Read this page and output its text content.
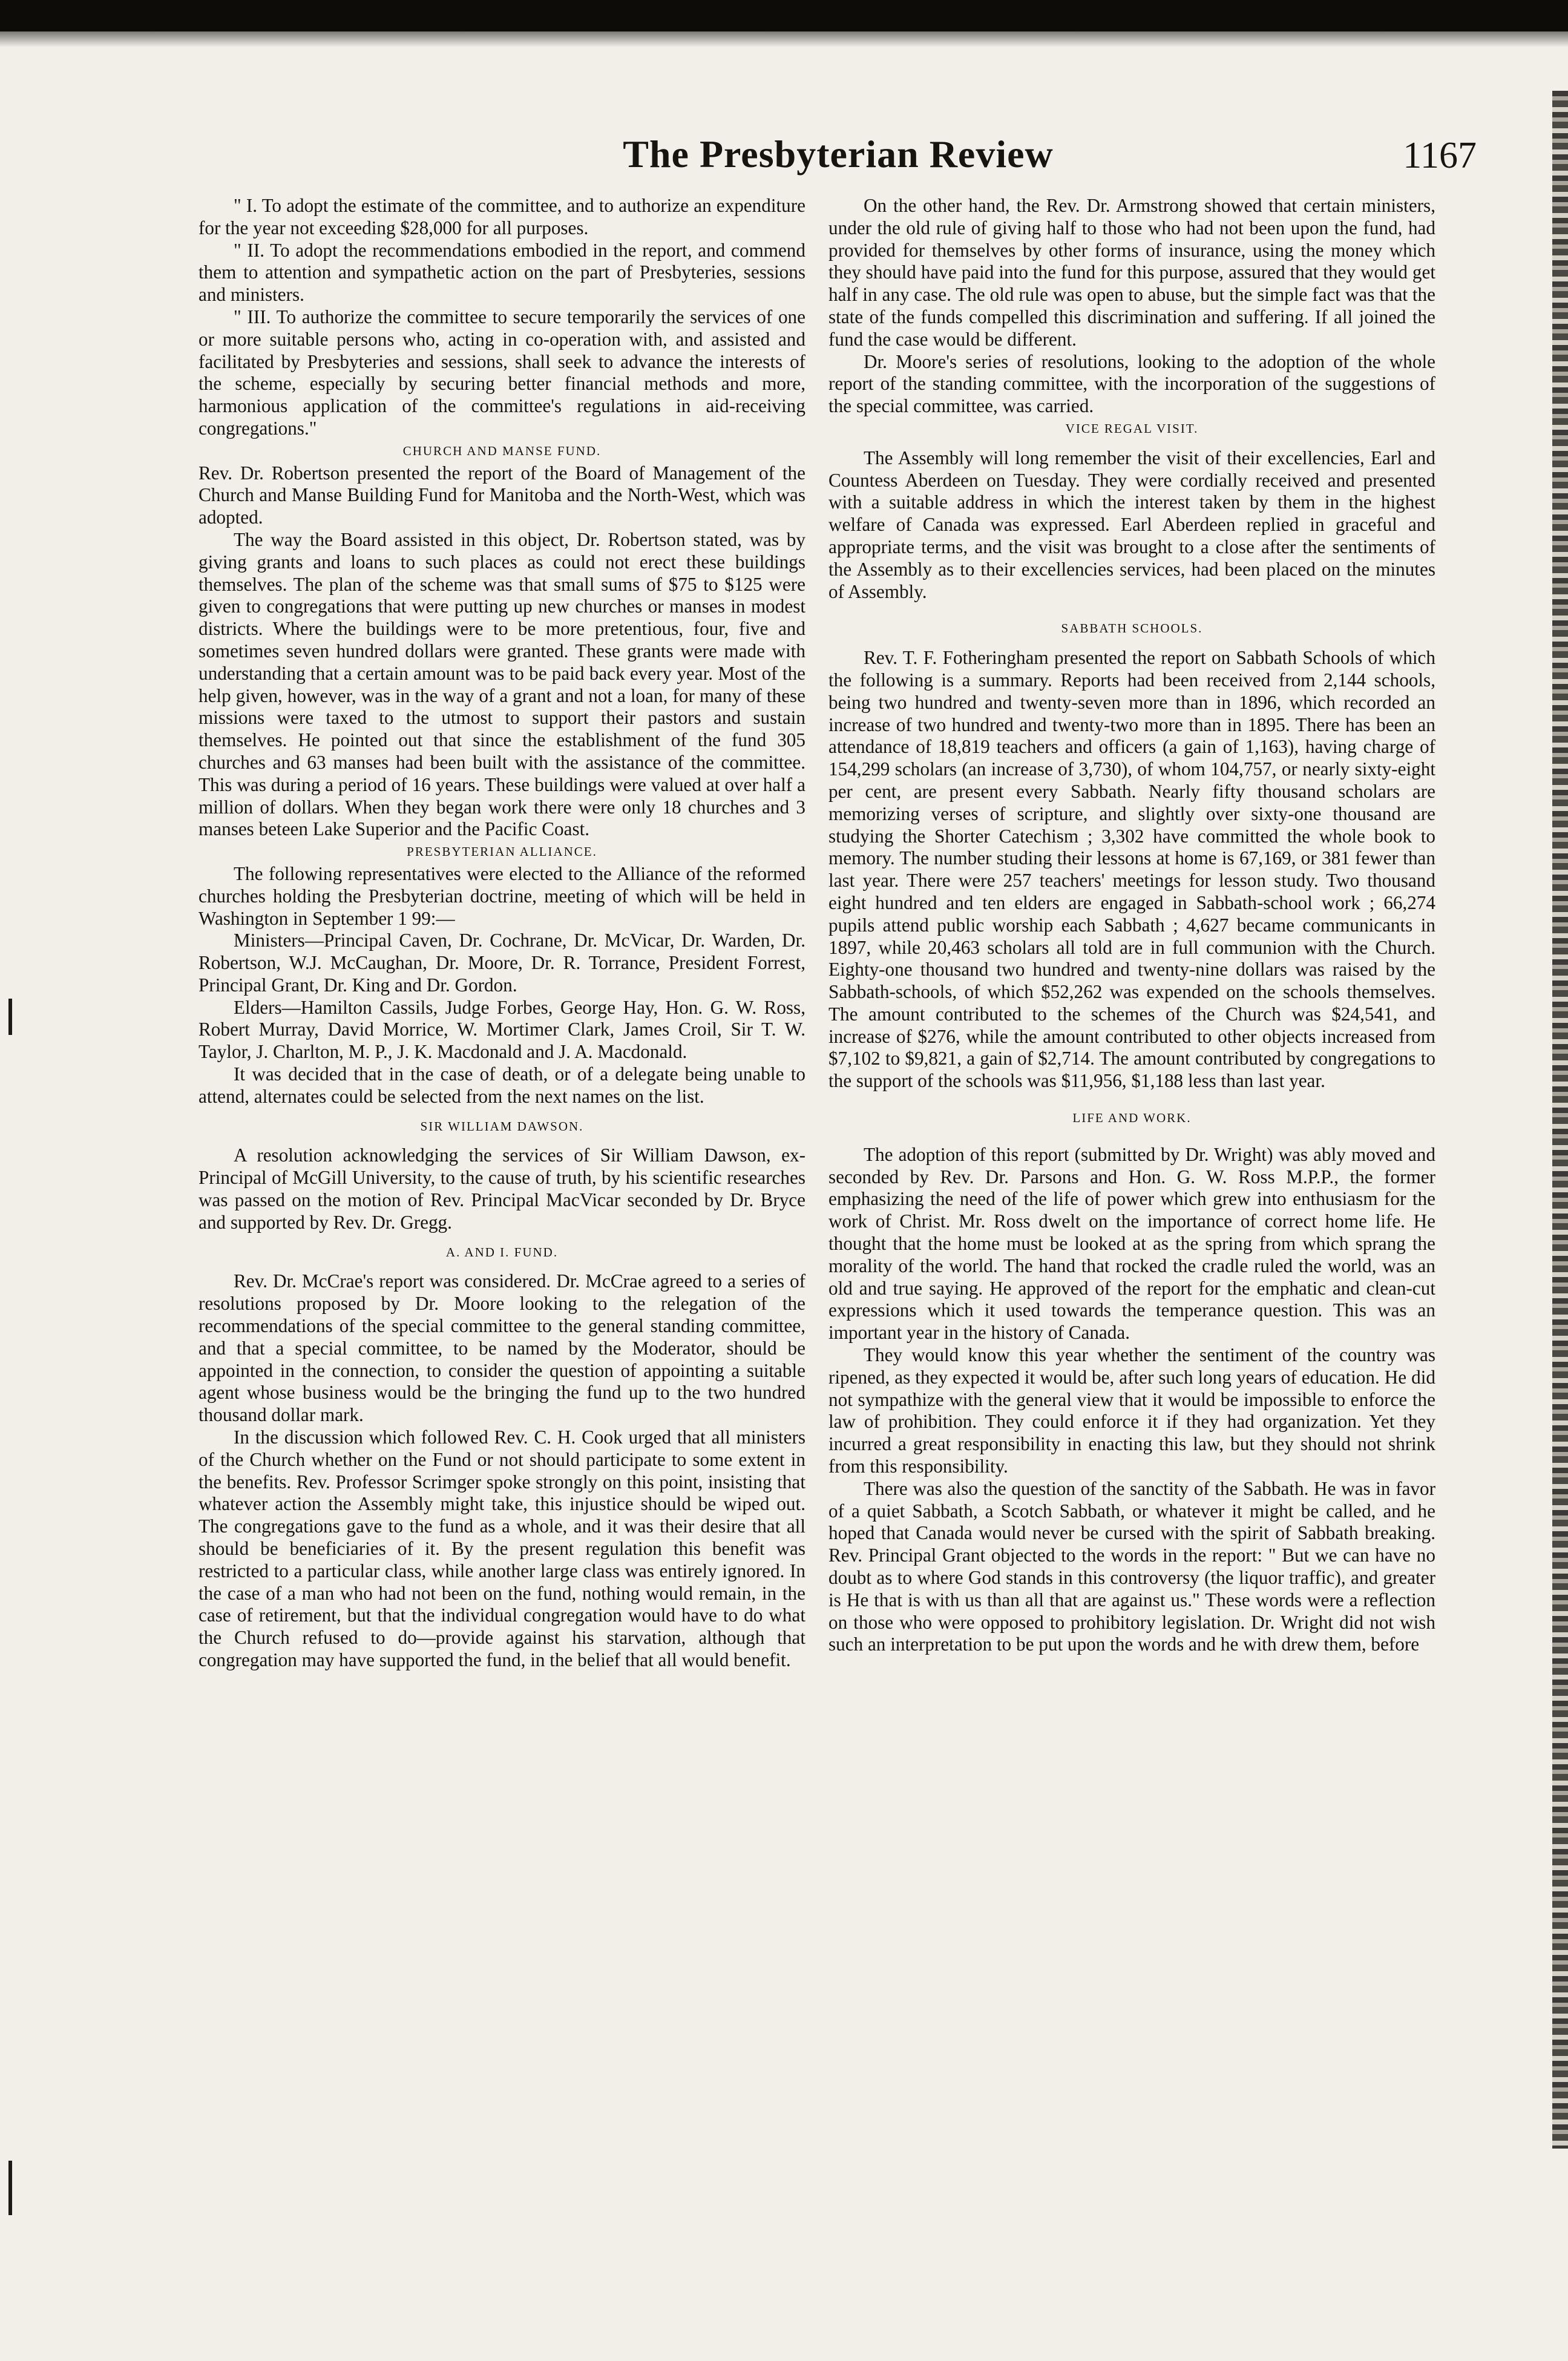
The Presbyterian Review	1167

" I. To adopt the estimate of the committee, and to authorize an expenditure for the year not exceeding $28,000 for all purposes.

" II. To adopt the recommendations embodied in the report, and commend them to attention and sympathetic action on the part of Presbyteries, sessions and ministers.

" III. To authorize the committee to secure temporarily the services of one or more suitable persons who, acting in co-operation with, and assisted and facilitated by Presbyteries and sessions, shall seek to advance the interests of the scheme, especially by securing better financial methods and more, harmonious application of the committee's regulations in aid-receiving congregations."

CHURCH AND MANSE FUND.

Rev. Dr. Robertson presented the report of the Board of Management of the Church and Manse Building Fund for Manitoba and the North-West, which was adopted.

The way the Board assisted in this object, Dr. Robertson stated, was by giving grants and loans to such places as could not erect these buildings themselves. The plan of the scheme was that small sums of $75 to $125 were given to congregations that were putting up new churches or manses in modest districts. Where the buildings were to be more pretentious, four, five and sometimes seven hundred dollars were granted. These grants were made with understanding that a certain amount was to be paid back every year. Most of the help given, however, was in the way of a grant and not a loan, for many of these missions were taxed to the utmost to support their pastors and sustain themselves. He pointed out that since the establishment of the fund 305 churches and 63 manses had been built with the assistance of the committee. This was during a period of 16 years. These buildings were valued at over half a million of dollars. When they began work there were only 18 churches and 3 manses beteen Lake Superior and the Pacific Coast.

PRESBYTERIAN ALLIANCE.

The following representatives were elected to the Alliance of the reformed churches holding the Presbyterian doctrine, meeting of which will be held in Washington in September 1 99:—

Ministers—Principal Caven, Dr. Cochrane, Dr. McVicar, Dr. Warden, Dr. Robertson, W.J. McCaughan, Dr. Moore, Dr. R. Torrance, President Forrest, Principal Grant, Dr. King and Dr. Gordon.

Elders—Hamilton Cassils, Judge Forbes, George Hay, Hon. G. W. Ross, Robert Murray, David Morrice, W. Mortimer Clark, James Croil, Sir T. W. Taylor, J. Charlton, M. P., J. K. Macdonald and J. A. Macdonald.

It was decided that in the case of death, or of a delegate being unable to attend, alternates could be selected from the next names on the list.

SIR WILLIAM DAWSON.

A resolution acknowledging the services of Sir William Dawson, ex-Principal of McGill University, to the cause of truth, by his scientific researches was passed on the motion of Rev. Principal MacVicar seconded by Dr. Bryce and supported by Rev. Dr. Gregg.

A. AND I. FUND.

Rev. Dr. McCrae's report was considered. Dr. McCrae agreed to a series of resolutions proposed by Dr. Moore looking to the relegation of the recommendations of the special committee to the general standing committee, and that a special committee, to be named by the Moderator, should be appointed in the connection, to consider the question of appointing a suitable agent whose business would be the bringing the fund up to the two hundred thousand dollar mark.

In the discussion which followed Rev. C. H. Cook urged that all ministers of the Church whether on the Fund or not should participate to some extent in the benefits. Rev. Professor Scrimger spoke strongly on this point, insisting that whatever action the Assembly might take, this injustice should be wiped out. The congregations gave to the fund as a whole, and it was their desire that all should be beneficiaries of it. By the present regulation this benefit was restricted to a particular class, while another large class was entirely ignored. In the case of a man who had not been on the fund, nothing would remain, in the case of retirement, but that the individual congregation would have to do what the Church refused to do—provide against his starvation, although that congregation may have supported the fund, in the belief that all would benefit.

On the other hand, the Rev. Dr. Armstrong showed that certain ministers, under the old rule of giving half to those who had not been upon the fund, had provided for themselves by other forms of insurance, using the money which they should have paid into the fund for this purpose, assured that they would get half in any case. The old rule was open to abuse, but the simple fact was that the state of the funds compelled this discrimination and suffering. If all joined the fund the case would be different.

Dr. Moore's series of resolutions, looking to the adoption of the whole report of the standing committee, with the incorporation of the suggestions of the special committee, was carried.

VICE REGAL VISIT.

The Assembly will long remember the visit of their excellencies, Earl and Countess Aberdeen on Tuesday. They were cordially received and presented with a suitable address in which the interest taken by them in the highest welfare of Canada was expressed. Earl Aberdeen replied in graceful and appropriate terms, and the visit was brought to a close after the sentiments of the Assembly as to their excellencies services, had been placed on the minutes of Assembly.

SABBATH SCHOOLS.

Rev. T. F. Fotheringham presented the report on Sabbath Schools of which the following is a summary. Reports had been received from 2,144 schools, being two hundred and twenty-seven more than in 1896, which recorded an increase of two hundred and twenty-two more than in 1895. There has been an attendance of 18,819 teachers and officers (a gain of 1,163), having charge of 154,299 scholars (an increase of 3,730), of whom 104,757, or nearly sixty-eight per cent, are present every Sabbath. Nearly fifty thousand scholars are memorizing verses of scripture, and slightly over sixty-one thousand are studying the Shorter Catechism ; 3,302 have committed the whole book to memory. The number studing their lessons at home is 67,169, or 381 fewer than last year. There were 257 teachers' meetings for lesson study. Two thousand eight hundred and ten elders are engaged in Sabbath-school work ; 66,274 pupils attend public worship each Sabbath ; 4,627 became communicants in 1897, while 20,463 scholars all told are in full communion with the Church. Eighty-one thousand two hundred and twenty-nine dollars was raised by the Sabbath-schools, of which $52,262 was expended on the schools themselves. The amount contributed to the schemes of the Church was $24,541, and increase of $276, while the amount contributed to other objects increased from $7,102 to $9,821, a gain of $2,714. The amount contributed by congregations to the support of the schools was $11,956, $1,188 less than last year.

LIFE AND WORK.

The adoption of this report (submitted by Dr. Wright) was ably moved and seconded by Rev. Dr. Parsons and Hon. G. W. Ross M.P.P., the former emphasizing the need of the life of power which grew into enthusiasm for the work of Christ. Mr. Ross dwelt on the importance of correct home life. He thought that the home must be looked at as the spring from which sprang the morality of the world. The hand that rocked the cradle ruled the world, was an old and true saying. He approved of the report for the emphatic and clean-cut expressions which it used towards the temperance question. This was an important year in the history of Canada.

They would know this year whether the sentiment of the country was ripened, as they expected it would be, after such long years of education. He did not sympathize with the general view that it would be impossible to enforce the law of prohibition. They could enforce it if they had organization. Yet they incurred a great responsibility in enacting this law, but they should not shrink from this responsibility.

There was also the question of the sanctity of the Sabbath. He was in favor of a quiet Sabbath, a Scotch Sabbath, or whatever it might be called, and he hoped that Canada would never be cursed with the spirit of Sabbath breaking. Rev. Principal Grant objected to the words in the report: " But we can have no doubt as to where God stands in this controversy (the liquor traffic), and greater is He that is with us than all that are against us." These words were a reflection on those who were opposed to prohibitory legislation. Dr. Wright did not wish such an interpretation to be put upon the words and he with drew them, before
